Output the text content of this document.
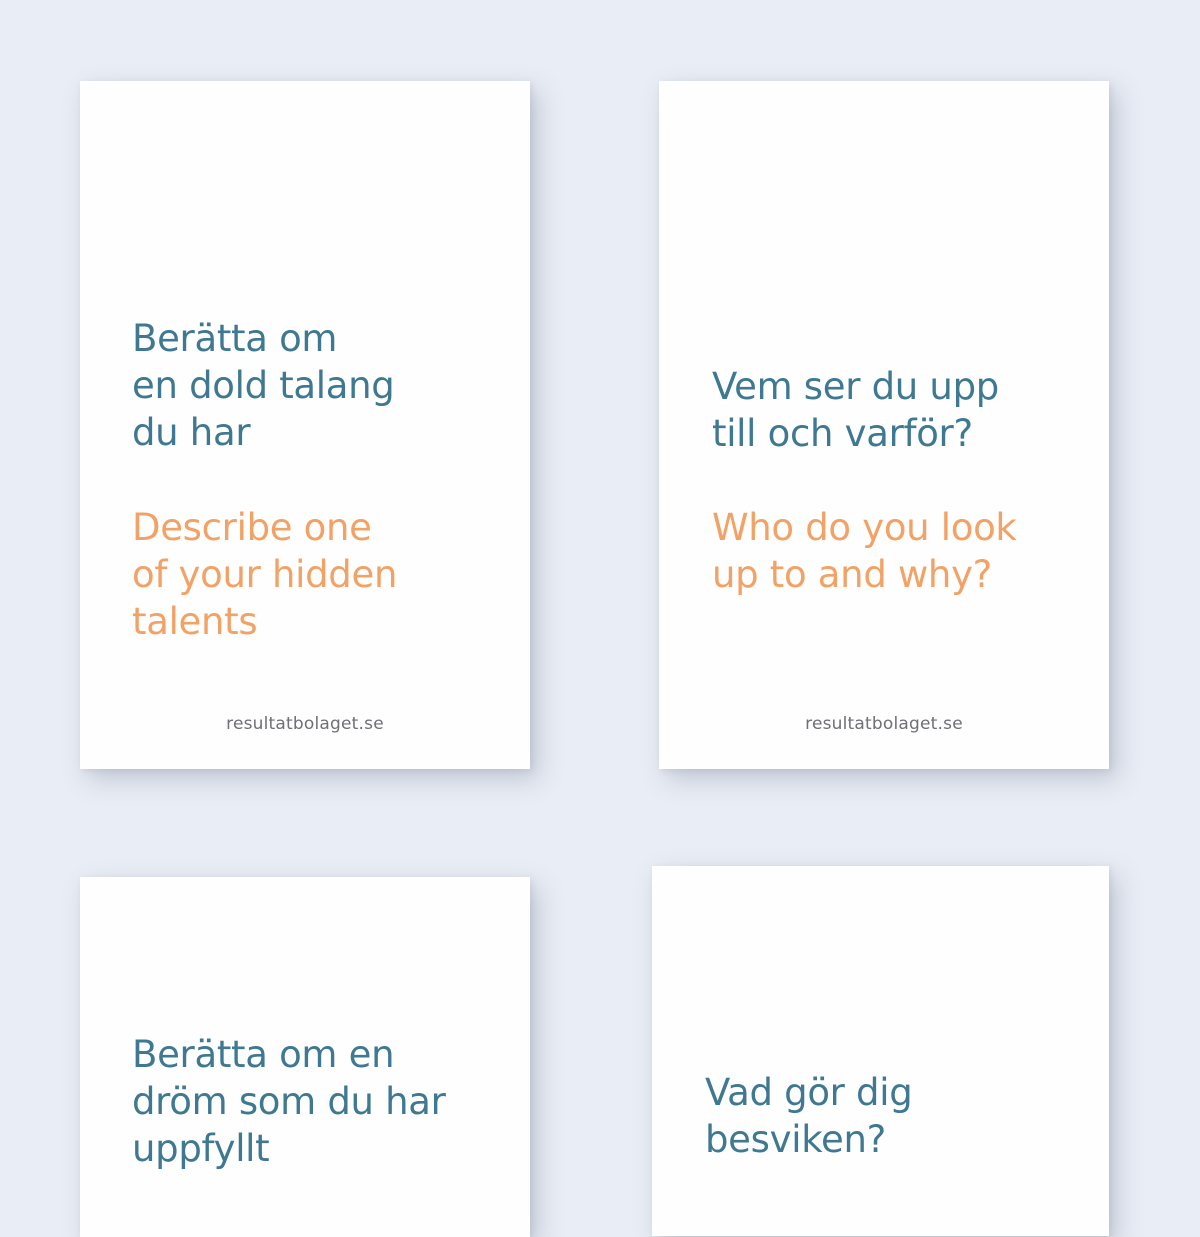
Berätta om
en dold talang
du har

Describe one
of your hidden
talents

resultatbolaget.se

Vem ser du upp
till och varför?

Who do you look
up to and why?

resultatbolaget.se

Berätta om en
dröm som du har
uppfyllt

Vad gör dig
besviken?
